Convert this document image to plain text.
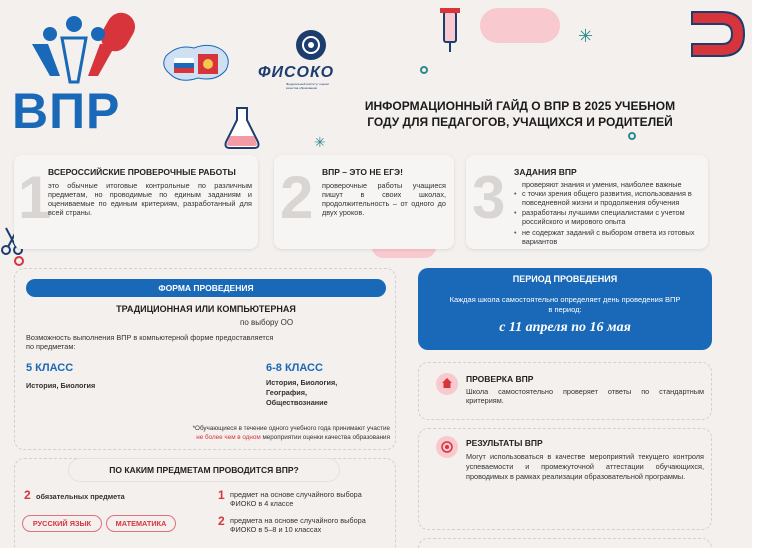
✳
✳
ВПР
ФИСОКО
Федеральный институт оценки качества образования
ИНФОРМАЦИОННЫЙ ГАЙД О ВПР В 2025 УЧЕБНОМ
ГОДУ ДЛЯ ПЕДАГОГОВ, УЧАЩИХСЯ И РОДИТЕЛЕЙ
1
ВСЕРОССИЙСКИЕ ПРОВЕРОЧНЫЕ РАБОТЫ
это обычные итоговые контрольные по различным предметам, но проводимые по единым заданиям и оцениваемые по единым критериям, разработанный для всей страны.	2 ВПР – ЭТО НЕ ЕГЭ!
проверочные работы учащиеся пишут в своих школах, продолжительность – от одного до двух уроков.	3 ЗАДАНИЯ ВПР
проверяют знания и умения, наиболее важные
• с точки зрения общего развития, использования в повседневной жизни и продолжения обучения
• разработаны лучшими специалистами с учетом российского и мирового опыта
• не содержат заданий с выбором ответа из готовых вариантов
ФОРМА ПРОВЕДЕНИЯ
ТРАДИЦИОННАЯ ИЛИ КОМПЬЮТЕРНАЯ
по выбору ОО
Возможность выполнения ВПР в компьютерной форме предоставляется по предметам:
5 КЛАСС
История, Биология
6-8 КЛАСС
История, Биология, География, Обществознание
*Обучающиеся в течение одного учебного года принимают участие
не более чем в одном мероприятии оценки качества образования
ПО КАКИМ ПРЕДМЕТАМ ПРОВОДИТСЯ ВПР?
2 обязательных предмета
РУССКИЙ ЯЗЫК	МАТЕМАТИКА
1 предмет на основе случайного выбора ФИОКО в 4 классе
2 предмета на основе случайного выбора ФИОКО в 5–8 и 10 классах
ПЕРИОД ПРОВЕДЕНИЯ
Каждая школа самостоятельно определяет день проведения ВПР в период:
с 11 апреля по 16 мая
ПРОВЕРКА ВПР
Школа самостоятельно проверяет ответы по стандартным критериям.
РЕЗУЛЬТАТЫ ВПР
Могут использоваться в качестве мероприятий текущего контроля успеваемости и промежуточной аттестации обучающихся, проводимых в рамках реализации образовательной программы.
